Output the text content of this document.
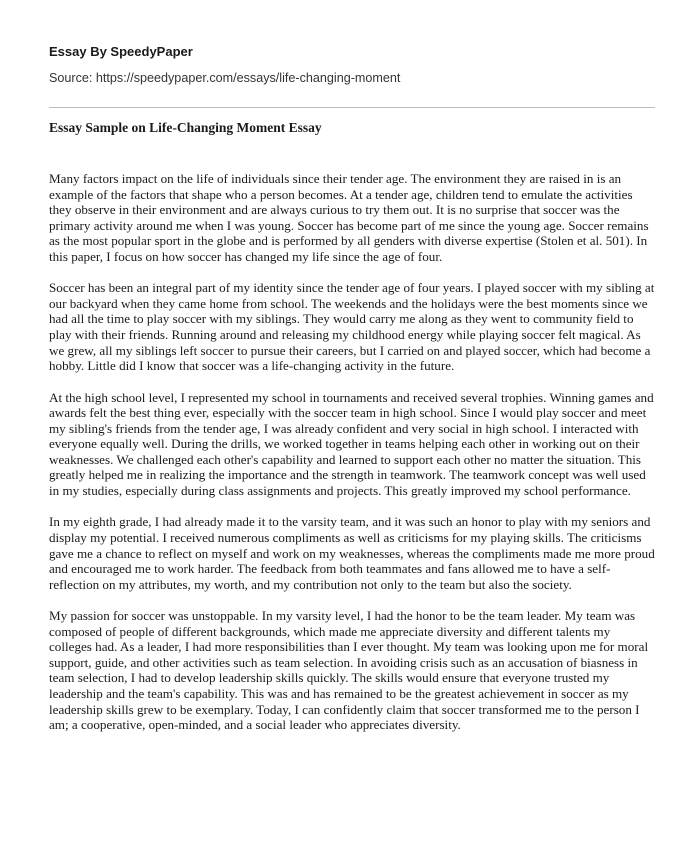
Essay By SpeedyPaper
Source: https://speedypaper.com/essays/life-changing-moment
Essay Sample on Life-Changing Moment Essay

Many factors impact on the life of individuals since their tender age. The environment they are raised in is an example of the factors that shape who a person becomes. At a tender age, children tend to emulate the activities they observe in their environment and are always curious to try them out. It is no surprise that soccer was the primary activity around me when I was young. Soccer has become part of me since the young age. Soccer remains as the most popular sport in the globe and is performed by all genders with diverse expertise (Stolen et al. 501). In this paper, I focus on how soccer has changed my life since the age of four.

Soccer has been an integral part of my identity since the tender age of four years. I played soccer with my sibling at our backyard when they came home from school. The weekends and the holidays were the best moments since we had all the time to play soccer with my siblings. They would carry me along as they went to community field to play with their friends. Running around and releasing my childhood energy while playing soccer felt magical. As we grew, all my siblings left soccer to pursue their careers, but I carried on and played soccer, which had become a hobby. Little did I know that soccer was a life-changing activity in the future.

At the high school level, I represented my school in tournaments and received several trophies. Winning games and awards felt the best thing ever, especially with the soccer team in high school. Since I would play soccer and meet my sibling's friends from the tender age, I was already confident and very social in high school. I interacted with everyone equally well. During the drills, we worked together in teams helping each other in working out on their weaknesses. We challenged each other's capability and learned to support each other no matter the situation. This greatly helped me in realizing the importance and the strength in teamwork. The teamwork concept was well used in my studies, especially during class assignments and projects. This greatly improved my school performance.

In my eighth grade, I had already made it to the varsity team, and it was such an honor to play with my seniors and display my potential. I received numerous compliments as well as criticisms for my playing skills. The criticisms gave me a chance to reflect on myself and work on my weaknesses, whereas the compliments made me more proud and encouraged me to work harder. The feedback from both teammates and fans allowed me to have a self-reflection on my attributes, my worth, and my contribution not only to the team but also the society.

My passion for soccer was unstoppable. In my varsity level, I had the honor to be the team leader. My team was composed of people of different backgrounds, which made me appreciate diversity and different talents my colleges had. As a leader, I had more responsibilities than I ever thought. My team was looking upon me for moral support, guide, and other activities such as team selection. In avoiding crisis such as an accusation of biasness in team selection, I had to develop leadership skills quickly. The skills would ensure that everyone trusted my leadership and the team's capability. This was and has remained to be the greatest achievement in soccer as my leadership skills grew to be exemplary. Today, I can confidently claim that soccer transformed me to the person I am; a cooperative, open-minded, and a social leader who appreciates diversity.
